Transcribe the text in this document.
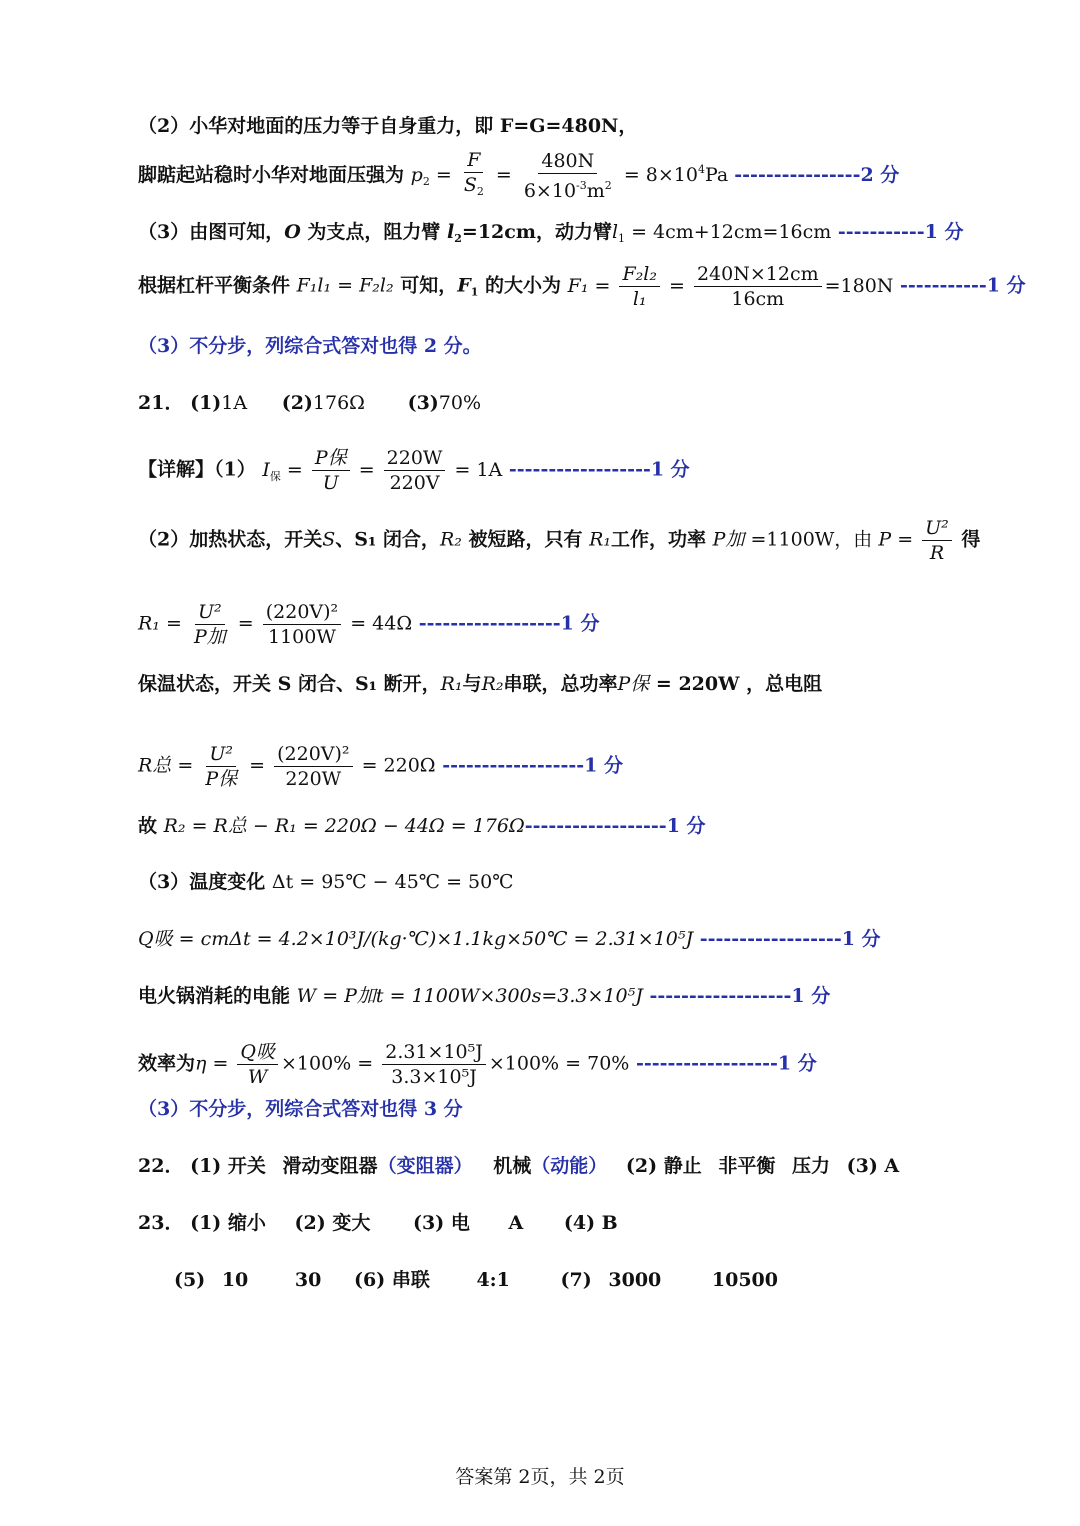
（2）小华对地面的压力等于自身重力，即 F=G=480N，
脚踮起站稳时小华对地面压强为 $p_2 = \frac{F}{S_2} = \frac{480N}{6\times 10^{-3}m^2} = 8\times 10^4Pa$ ----------------2 分
（3）由图可知，O 为支点，阻力臂 $l_2=12cm$，动力臂$l_1 = 4cm+12cm=16cm$ -----------1 分
根据杠杆平衡条件 F₁l₁ = F₂l₂ 可知，$F_1$ 的大小为 $F_1 = \frac{\text{F₂l₂}}{\text{l₁}} = \frac{240N\times 12cm}{16cm} =180N$ -----------1 分
（3）不分步，列综合式答对也得 2 分。
21． (1)1A (2)176Ω (3)70%
【详解】（1） $I_保 = \frac{\text{P保}}{U} = \frac{220W}{220V} = 1A$ ------------------1 分
（2）加热状态，开关S、S₁ 闭合，R₂ 被短路，只有 R₁工作，功率 P加 =1100W，由 $P = \frac{\text{U²}}{R}$ 得
$R_1 = \frac{\text{U²}}{\text{P加}} = \frac{\text{(220V)²}}{1100W} = 44\Omega$ ------------------1 分
保温状态，开关 S 闭合、S₁ 断开，R₁与R₂串联，总功率P保 = 220W ，总电阻
R总 = $\frac{\text{U²}}{\text{P保}} = \frac{\text{(220V)²}}{220W} = 220\Omega$ ------------------1 分
故 R₂ = R总 − R₁ = 220Ω − 44Ω = 176Ω------------------1 分
（3）温度变化 Δt = 95℃ − 45℃ = 50℃
Q吸 = cmΔt = 4.2×10³J/(kg·℃)×1.1kg×50℃ = 2.31×10⁵J ------------------1 分
电火锅消耗的电能 W = P加t = 1100W×300s=3.3×10⁵J ------------------1 分
效率为$\eta = \frac{\text{Q吸}}{W} \times 100\% = \frac{\text{2.31×10⁵J}}{\text{3.3×10⁵J}} \times 100\% = 70\%$ ------------------1 分
（3）不分步，列综合式答对也得 3 分
22． (1) 开关 滑动变阻器（变阻器） 机械（动能） (2) 静止 非平衡 压力 (3) A
23． (1) 缩小 (2) 变大 (3) 电 A (4) B
(5) 10 30 (6) 串联 4:1	(7) 3000	10500
答案第 2页，共 2页
